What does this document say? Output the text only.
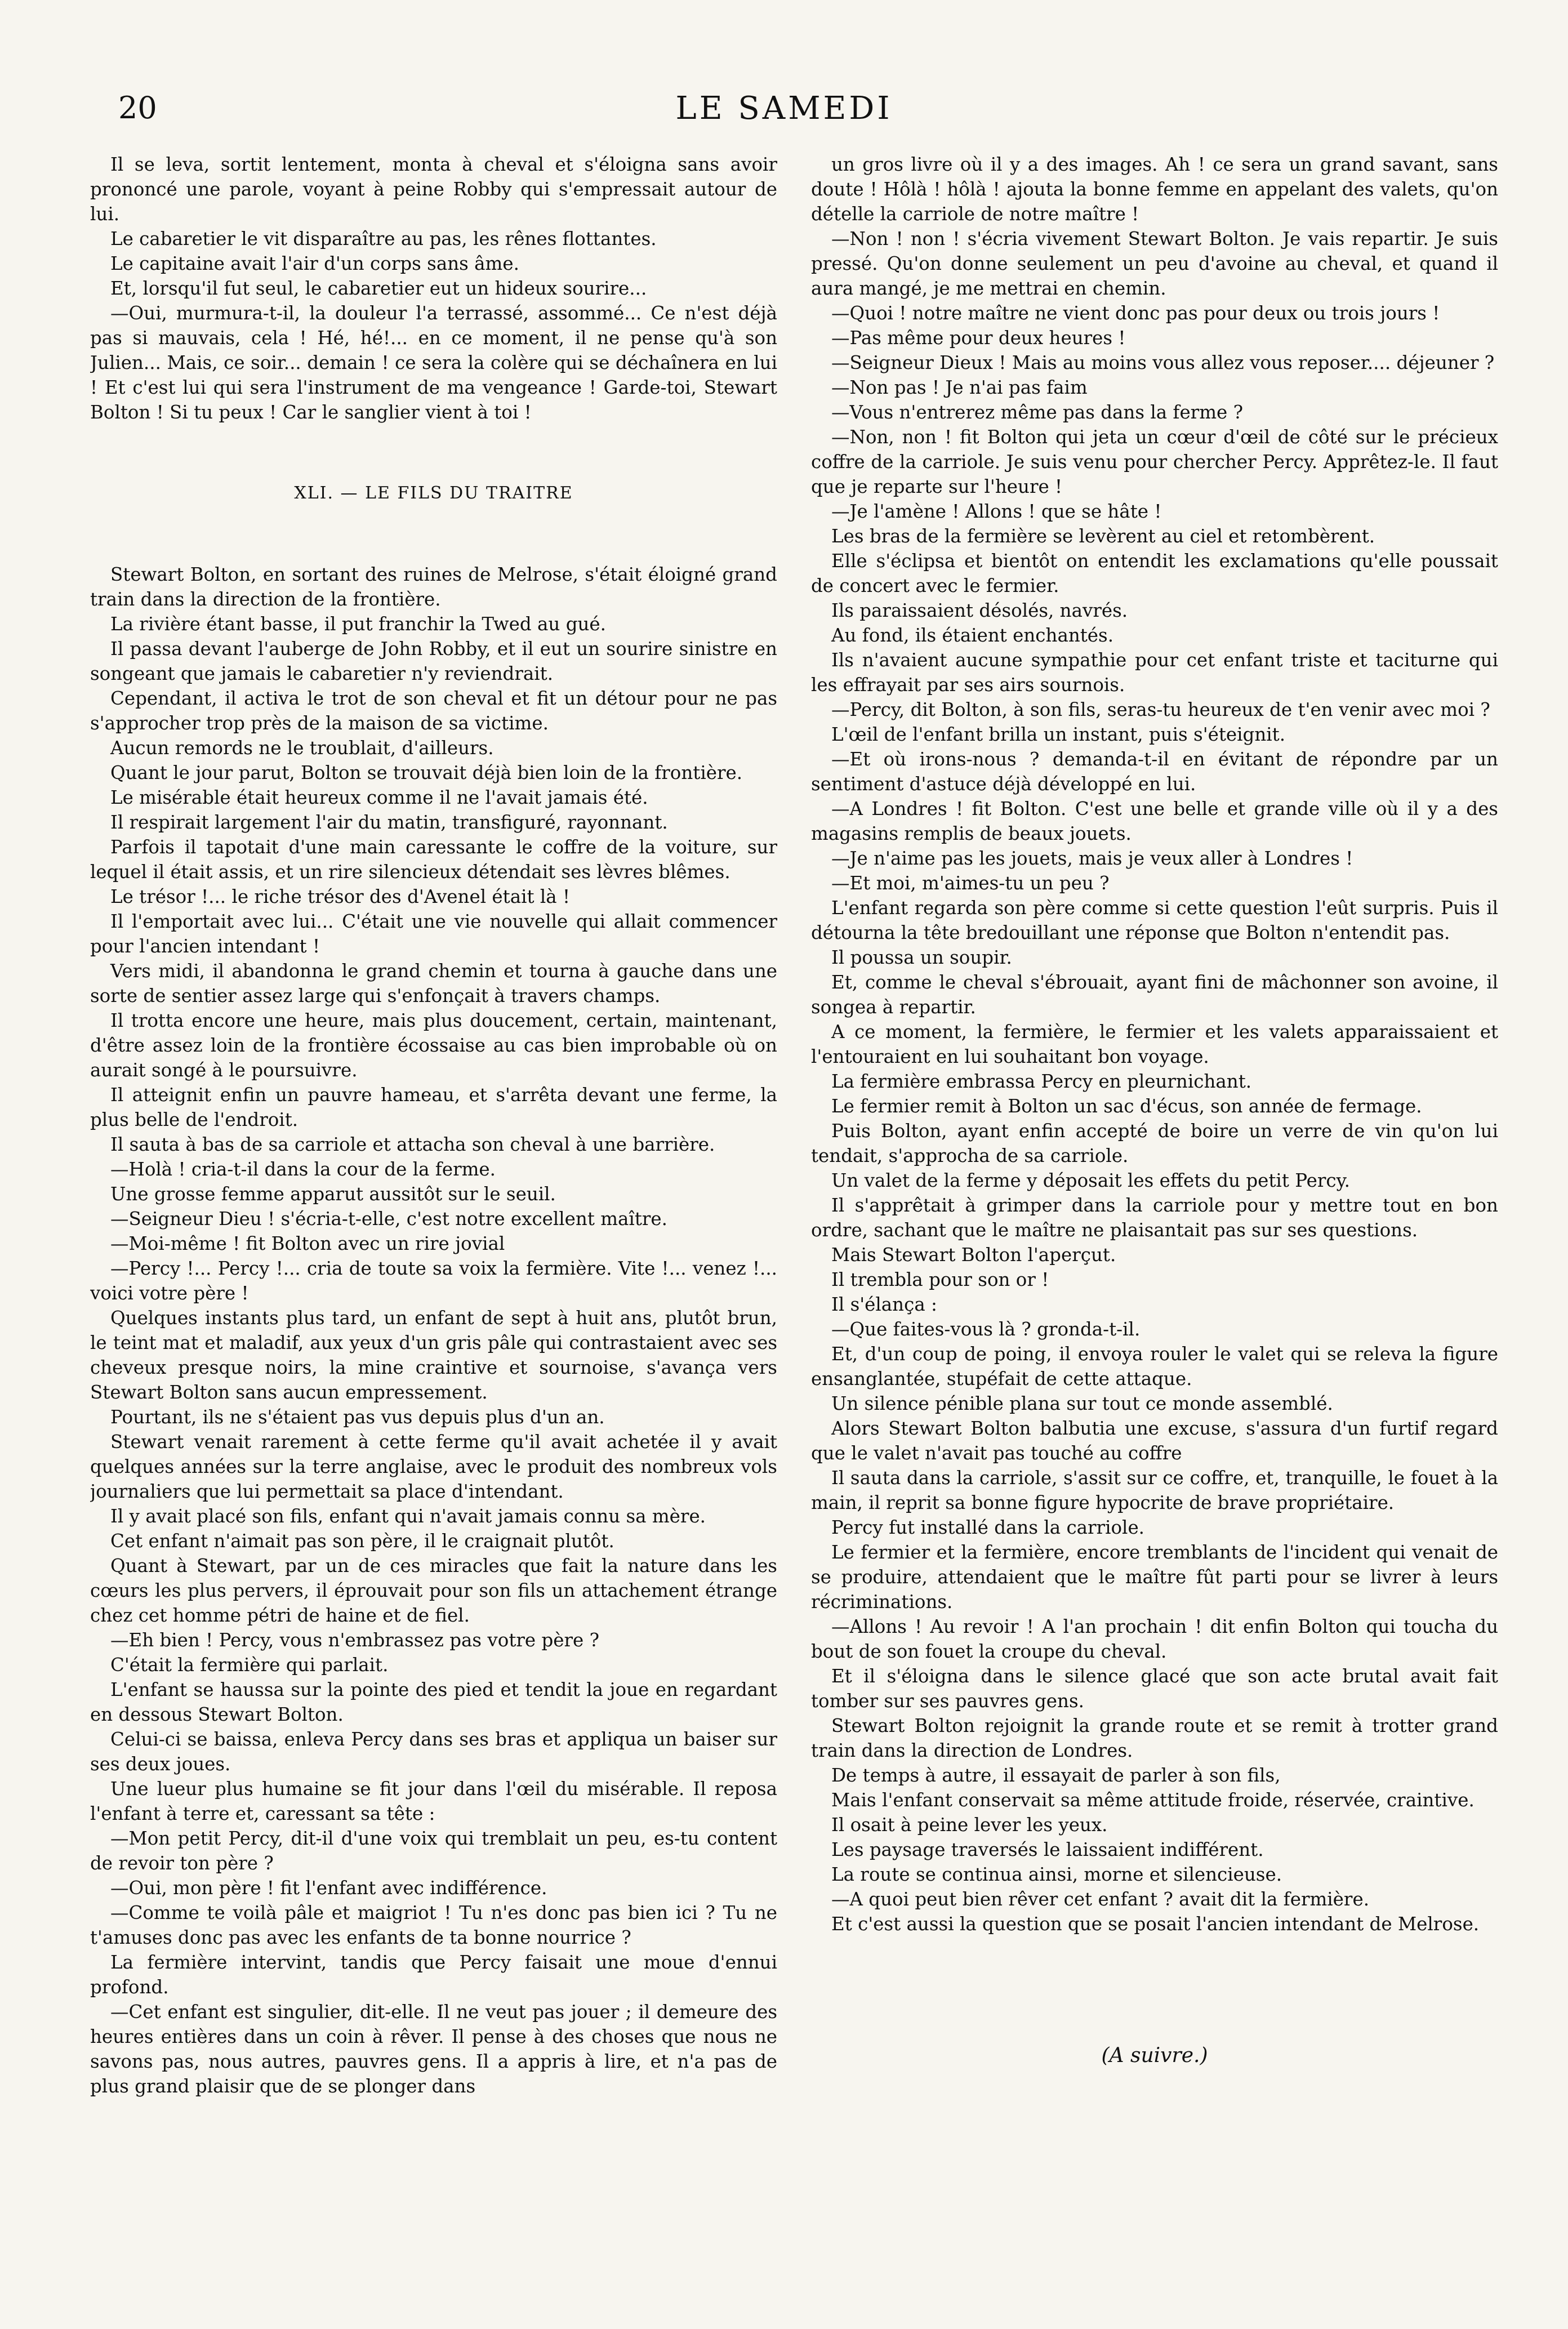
20	LE SAMEDI

Il se leva, sortit lentement, monta à cheval et s'éloigna sans avoir prononcé une parole, voyant à peine Robby qui s'empressait autour de lui.

Le cabaretier le vit disparaître au pas, les rênes flottantes.

Le capitaine avait l'air d'un corps sans âme.

Et, lorsqu'il fut seul, le cabaretier eut un hideux sourire...

—Oui, murmura-t-il, la douleur l'a terrassé, assommé... Ce n'est déjà pas si mauvais, cela ! Hé, hé!... en ce moment, il ne pense qu'à son Julien... Mais, ce soir... demain ! ce sera la colère qui se déchaînera en lui ! Et c'est lui qui sera l'instrument de ma vengeance ! Garde-toi, Stewart Bolton ! Si tu peux ! Car le sanglier vient à toi !

XLI. — LE FILS DU TRAITRE

Stewart Bolton, en sortant des ruines de Melrose, s'était éloigné grand train dans la direction de la frontière.

La rivière étant basse, il put franchir la Twed au gué.

Il passa devant l'auberge de John Robby, et il eut un sourire sinistre en songeant que jamais le cabaretier n'y reviendrait.

Cependant, il activa le trot de son cheval et fit un détour pour ne pas s'approcher trop près de la maison de sa victime.

Aucun remords ne le troublait, d'ailleurs.

Quant le jour parut, Bolton se trouvait déjà bien loin de la frontière.

Le misérable était heureux comme il ne l'avait jamais été.

Il respirait largement l'air du matin, transfiguré, rayonnant.

Parfois il tapotait d'une main caressante le coffre de la voiture, sur lequel il était assis, et un rire silencieux détendait ses lèvres blêmes.

Le trésor !... le riche trésor des d'Avenel était là !

Il l'emportait avec lui... C'était une vie nouvelle qui allait commencer pour l'ancien intendant !

Vers midi, il abandonna le grand chemin et tourna à gauche dans une sorte de sentier assez large qui s'enfonçait à travers champs.

Il trotta encore une heure, mais plus doucement, certain, maintenant, d'être assez loin de la frontière écossaise au cas bien improbable où on aurait songé à le poursuivre.

Il atteignit enfin un pauvre hameau, et s'arrêta devant une ferme, la plus belle de l'endroit.

Il sauta à bas de sa carriole et attacha son cheval à une barrière.

—Holà ! cria-t-il dans la cour de la ferme.

Une grosse femme apparut aussitôt sur le seuil.

—Seigneur Dieu ! s'écria-t-elle, c'est notre excellent maître.

—Moi-même ! fit Bolton avec un rire jovial

—Percy !... Percy !... cria de toute sa voix la fermière. Vite !... venez !... voici votre père !

Quelques instants plus tard, un enfant de sept à huit ans, plutôt brun, le teint mat et maladif, aux yeux d'un gris pâle qui contrastaient avec ses cheveux presque noirs, la mine craintive et sournoise, s'avança vers Stewart Bolton sans aucun empressement.

Pourtant, ils ne s'étaient pas vus depuis plus d'un an.

Stewart venait rarement à cette ferme qu'il avait achetée il y avait quelques années sur la terre anglaise, avec le produit des nombreux vols journaliers que lui permettait sa place d'intendant.

Il y avait placé son fils, enfant qui n'avait jamais connu sa mère.

Cet enfant n'aimait pas son père, il le craignait plutôt.

Quant à Stewart, par un de ces miracles que fait la nature dans les cœurs les plus pervers, il éprouvait pour son fils un attachement étrange chez cet homme pétri de haine et de fiel.

—Eh bien ! Percy, vous n'embrassez pas votre père ?

C'était la fermière qui parlait.

L'enfant se haussa sur la pointe des pied et tendit la joue en regardant en dessous Stewart Bolton.

Celui-ci se baissa, enleva Percy dans ses bras et appliqua un baiser sur ses deux joues.

Une lueur plus humaine se fit jour dans l'œil du misérable. Il reposa l'enfant à terre et, caressant sa tête :

—Mon petit Percy, dit-il d'une voix qui tremblait un peu, es-tu content de revoir ton père ?

—Oui, mon père ! fit l'enfant avec indifférence.

—Comme te voilà pâle et maigriot ! Tu n'es donc pas bien ici ? Tu ne t'amuses donc pas avec les enfants de ta bonne nourrice ?

La fermière intervint, tandis que Percy faisait une moue d'ennui profond.

—Cet enfant est singulier, dit-elle. Il ne veut pas jouer ; il demeure des heures entières dans un coin à rêver. Il pense à des choses que nous ne savons pas, nous autres, pauvres gens. Il a appris à lire, et n'a pas de plus grand plaisir que de se plonger dans

un gros livre où il y a des images. Ah ! ce sera un grand savant, sans doute ! Hôlà ! hôlà ! ajouta la bonne femme en appelant des valets, qu'on dételle la carriole de notre maître !

—Non ! non ! s'écria vivement Stewart Bolton. Je vais repartir. Je suis pressé. Qu'on donne seulement un peu d'avoine au cheval, et quand il aura mangé, je me mettrai en chemin.

—Quoi ! notre maître ne vient donc pas pour deux ou trois jours !

—Pas même pour deux heures !

—Seigneur Dieux ! Mais au moins vous allez vous reposer.... déjeuner ?

—Non pas ! Je n'ai pas faim

—Vous n'entrerez même pas dans la ferme ?

—Non, non ! fit Bolton qui jeta un cœur d'œil de côté sur le précieux coffre de la carriole. Je suis venu pour chercher Percy. Apprêtez-le. Il faut que je reparte sur l'heure !

—Je l'amène ! Allons ! que se hâte !

Les bras de la fermière se levèrent au ciel et retombèrent.

Elle s'éclipsa et bientôt on entendit les exclamations qu'elle poussait de concert avec le fermier.

Ils paraissaient désolés, navrés.

Au fond, ils étaient enchantés.

Ils n'avaient aucune sympathie pour cet enfant triste et taciturne qui les effrayait par ses airs sournois.

—Percy, dit Bolton, à son fils, seras-tu heureux de t'en venir avec moi ?

L'œil de l'enfant brilla un instant, puis s'éteignit.

—Et où irons-nous ? demanda-t-il en évitant de répondre par un sentiment d'astuce déjà développé en lui.

—A Londres ! fit Bolton. C'est une belle et grande ville où il y a des magasins remplis de beaux jouets.

—Je n'aime pas les jouets, mais je veux aller à Londres !

—Et moi, m'aimes-tu un peu ?

L'enfant regarda son père comme si cette question l'eût surpris. Puis il détourna la tête bredouillant une réponse que Bolton n'entendit pas.

Il poussa un soupir.

Et, comme le cheval s'ébrouait, ayant fini de mâchonner son avoine, il songea à repartir.

A ce moment, la fermière, le fermier et les valets apparaissaient et l'entouraient en lui souhaitant bon voyage.

La fermière embrassa Percy en pleurnichant.

Le fermier remit à Bolton un sac d'écus, son année de fermage.

Puis Bolton, ayant enfin accepté de boire un verre de vin qu'on lui tendait, s'approcha de sa carriole.

Un valet de la ferme y déposait les effets du petit Percy.

Il s'apprêtait à grimper dans la carriole pour y mettre tout en bon ordre, sachant que le maître ne plaisantait pas sur ses questions.

Mais Stewart Bolton l'aperçut.

Il trembla pour son or !

Il s'élança :

—Que faites-vous là ? gronda-t-il.

Et, d'un coup de poing, il envoya rouler le valet qui se releva la figure ensanglantée, stupéfait de cette attaque.

Un silence pénible plana sur tout ce monde assemblé.

Alors Stewart Bolton balbutia une excuse, s'assura d'un furtif regard que le valet n'avait pas touché au coffre

Il sauta dans la carriole, s'assit sur ce coffre, et, tranquille, le fouet à la main, il reprit sa bonne figure hypocrite de brave propriétaire.

Percy fut installé dans la carriole.

Le fermier et la fermière, encore tremblants de l'incident qui venait de se produire, attendaient que le maître fût parti pour se livrer à leurs récriminations.

—Allons ! Au revoir ! A l'an prochain ! dit enfin Bolton qui toucha du bout de son fouet la croupe du cheval.

Et il s'éloigna dans le silence glacé que son acte brutal avait fait tomber sur ses pauvres gens.

Stewart Bolton rejoignit la grande route et se remit à trotter grand train dans la direction de Londres.

De temps à autre, il essayait de parler à son fils,

Mais l'enfant conservait sa même attitude froide, réservée, craintive.

Il osait à peine lever les yeux.

Les paysage traversés le laissaient indifférent.

La route se continua ainsi, morne et silencieuse.

—A quoi peut bien rêver cet enfant ? avait dit la fermière.

Et c'est aussi la question que se posait l'ancien intendant de Melrose.

(A suivre.)
